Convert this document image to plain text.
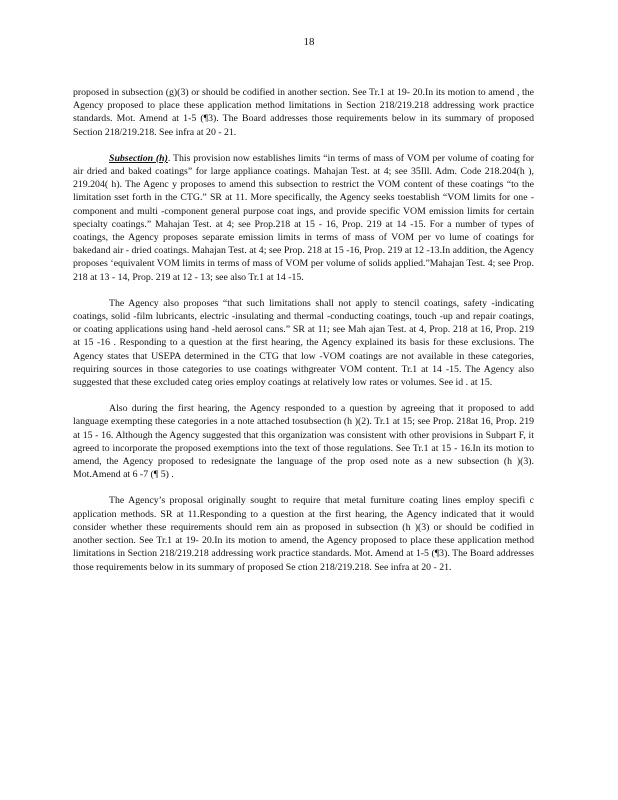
18

proposed in subsection (g)(3) or should be codified in another section. See Tr.1 at 19- 20.In its motion to amend , the Agency proposed to place these application method limitations in Section 218/219.218 addressing work practice standards. Mot. Amend at 1-5 (¶3). The Board addresses those requirements below in its summary of proposed Section 218/219.218. See infra at 20 - 21.

Subsection (h). This provision now establishes limits “in terms of mass of VOM per volume of coating for air dried and baked coatings” for large appliance coatings. Mahajan Test. at 4; see 35Ill. Adm. Code 218.204(h ), 219.204( h). The Agenc y proposes to amend this subsection to restrict the VOM content of these coatings “to the limitation sset forth in the CTG.” SR at 11. More specifically, the Agency seeks toestablish “VOM limits for one - component and multi -component general purpose coat ings, and provide specific VOM emission limits for certain specialty coatings.” Mahajan Test. at 4; see Prop.218 at 15 - 16, Prop. 219 at 14 -15. For a number of types of coatings, the Agency proposes separate emission limits in terms of mass of VOM per vo lume of coatings for bakedand air - dried coatings. Mahajan Test. at 4; see Prop. 218 at 15 -16, Prop. 219 at 12 -13.In addition, the Agency proposes ‘equivalent VOM limits in terms of mass of VOM per volume of solids applied.”Mahajan Test. 4; see Prop. 218 at 13 - 14, Prop. 219 at 12 - 13; see also Tr.1 at 14 -15.

The Agency also proposes “that such limitations shall not apply to stencil coatings, safety -indicating coatings, solid -film lubricants, electric -insulating and thermal -conducting coatings, touch -up and repair coatings, or coating applications using hand -held aerosol cans.” SR at 11; see Mah ajan Test. at 4, Prop. 218 at 16, Prop. 219 at 15 -16 . Responding to a question at the first hearing, the Agency explained its basis for these exclusions. The Agency states that USEPA determined in the CTG that low -VOM coatings are not available in these categories, requiring sources in those categories to use coatings withgreater VOM content. Tr.1 at 14 -15. The Agency also suggested that these excluded categ ories employ coatings at relatively low rates or volumes. See id . at 15.

Also during the first hearing, the Agency responded to a question by agreeing that it proposed to add language exempting these categories in a note attached tosubsection (h )(2). Tr.1 at 15; see Prop. 218at 16, Prop. 219 at 15 - 16. Although the Agency suggested that this organization was consistent with other provisions in Subpart F, it agreed to incorporate the proposed exemptions into the text of those regulations. See Tr.1 at 15 - 16.In its motion to amend, the Agency proposed to redesignate the language of the prop osed note as a new subsection (h )(3). Mot.Amend at 6 -7 (¶ 5) .

The Agency’s proposal originally sought to require that metal furniture coating lines employ specifi c application methods. SR at 11.Responding to a question at the first hearing, the Agency indicated that it would consider whether these requirements should rem ain as proposed in subsection (h )(3) or should be codified in another section. See Tr.1 at 19- 20.In its motion to amend, the Agency proposed to place these application method limitations in Section 218/219.218 addressing work practice standards. Mot. Amend at 1-5 (¶3). The Board addresses those requirements below in its summary of proposed Se ction 218/219.218. See infra at 20 - 21.
